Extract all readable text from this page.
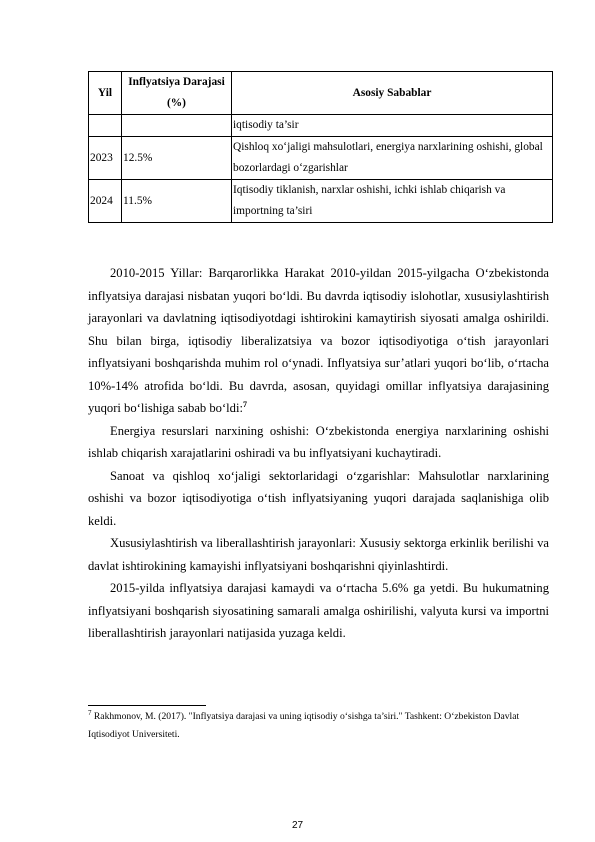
Yil	Inflyatsiya Darajasi (%)	Asosiy Sabablar
		iqtisodiy ta’sir
2023	12.5%	Qishloq xo‘jaligi mahsulotlari, energiya narxlarining oshishi, global bozorlardagi o‘zgarishlar
2024	11.5%	Iqtisodiy tiklanish, narxlar oshishi, ichki ishlab chiqarish va importning ta’siri

2010-2015 Yillar: Barqarorlikka Harakat 2010-yildan 2015-yilgacha O‘zbekistonda inflyatsiya darajasi nisbatan yuqori bo‘ldi. Bu davrda iqtisodiy islohotlar, xususiylashtirish jarayonlari va davlatning iqtisodiyotdagi ishtirokini kamaytirish siyosati amalga oshirildi. Shu bilan birga, iqtisodiy liberalizatsiya va bozor iqtisodiyotiga o‘tish jarayonlari inflyatsiyani boshqarishda muhim rol o‘ynadi. Inflyatsiya sur’atlari yuqori bo‘lib, o‘rtacha 10%-14% atrofida bo‘ldi. Bu davrda, asosan, quyidagi omillar inflyatsiya darajasining yuqori bo‘lishiga sabab bo‘ldi:$^7$

Energiya resurslari narxining oshishi: O‘zbekistonda energiya narxlarining oshishi ishlab chiqarish xarajatlarini oshiradi va bu inflyatsiyani kuchaytiradi.

Sanoat va qishloq xo‘jaligi sektorlaridagi o‘zgarishlar: Mahsulotlar narxlarining oshishi va bozor iqtisodiyotiga o‘tish inflyatsiyaning yuqori darajada saqlanishiga olib keldi.

Xususiylashtirish va liberallashtirish jarayonlari: Xususiy sektorga erkinlik berilishi va davlat ishtirokining kamayishi inflyatsiyani boshqarishni qiyinlashtirdi.

2015-yilda inflyatsiya darajasi kamaydi va o‘rtacha 5.6% ga yetdi. Bu hukumatning inflyatsiyani boshqarish siyosatining samarali amalga oshirilishi, valyuta kursi va importni liberallashtirish jarayonlari natijasida yuzaga keldi.

$^7$ Rakhmonov, M. (2017). "Inflyatsiya darajasi va uning iqtisodiy o‘sishga ta’siri." Tashkent: O‘zbekiston Davlat Iqtisodiyot Universiteti.
27
